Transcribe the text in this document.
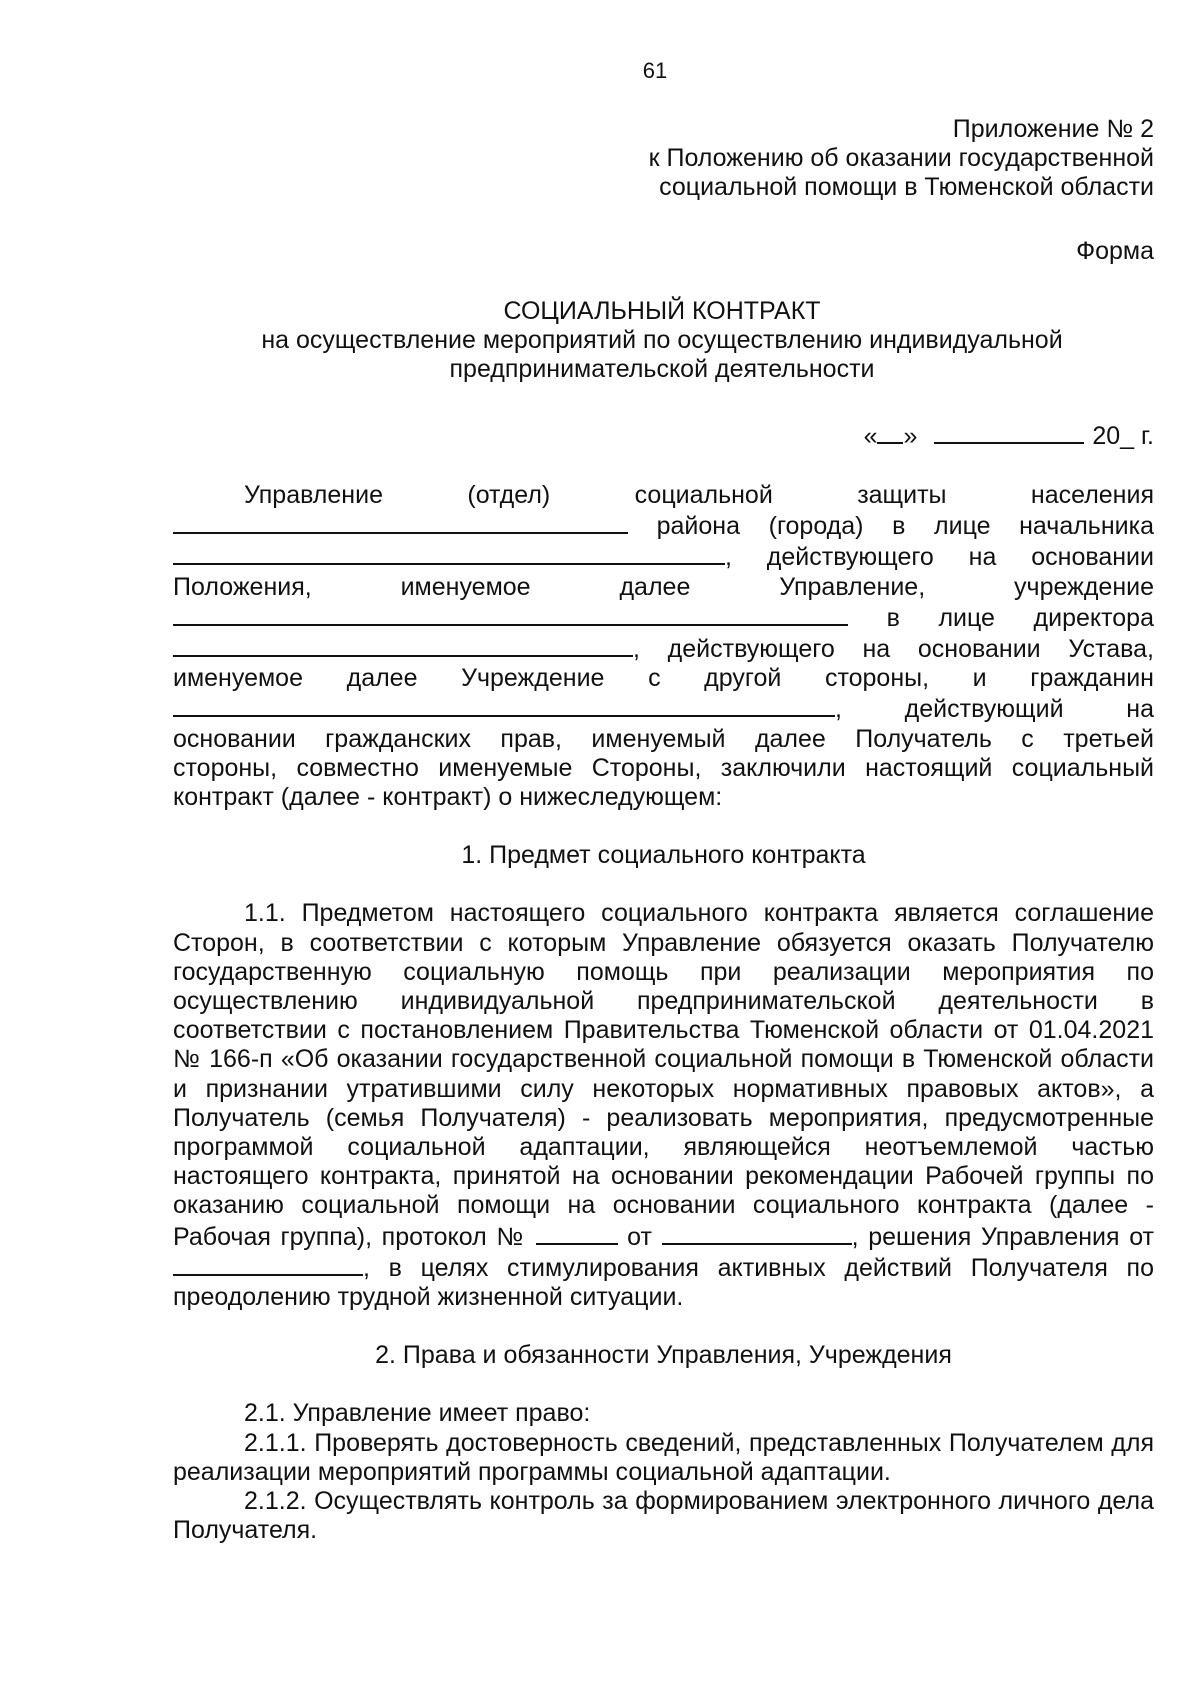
61
Приложение № 2
к Положению об оказании государственной
социальной помощи в Тюменской области
Форма
СОЦИАЛЬНЫЙ КОНТРАКТ
на осуществление мероприятий по осуществлению индивидуальной
предпринимательской деятельности
« »	20_ г.

Управление (отдел) социальной защиты населения

района (города) в лице начальника

, действующего на основании

Положения, именуемое далее Управление, учреждение

в лице директора

, действующего на основании Устава,

именуемое далее Учреждение с другой стороны, и гражданин

, действующий на

основании гражданских прав, именуемый далее Получатель с третьей

стороны, совместно именуемые Стороны, заключили настоящий социальный

контракт (далее - контракт) о нижеследующем:

1. Предмет социального контракта

1.1. Предметом настоящего социального контракта является соглашение Сторон, в соответствии с которым Управление обязуется оказать Получателю государственную социальную помощь при реализации мероприятия по осуществлению индивидуальной предпринимательской деятельности в соответствии с постановлением Правительства Тюменской области от 01.04.2021 № 166-п «Об оказании государственной социальной помощи в Тюменской области и признании утратившими силу некоторых нормативных правовых актов», а Получатель (семья Получателя) - реализовать мероприятия, предусмотренные программой социальной адаптации, являющейся неотъемлемой частью настоящего контракта, принятой на основании рекомендации Рабочей группы по оказанию социальной помощи на основании социального контракта (далее - Рабочая группа), протокол №	от	, решения Управления от , в целях стимулирования активных действий Получателя по преодолению трудной жизненной ситуации.

2. Права и обязанности Управления, Учреждения

2.1. Управление имеет право:

2.1.1. Проверять достоверность сведений, представленных Получателем для реализации мероприятий программы социальной адаптации.

2.1.2. Осуществлять контроль за формированием электронного личного дела Получателя.
